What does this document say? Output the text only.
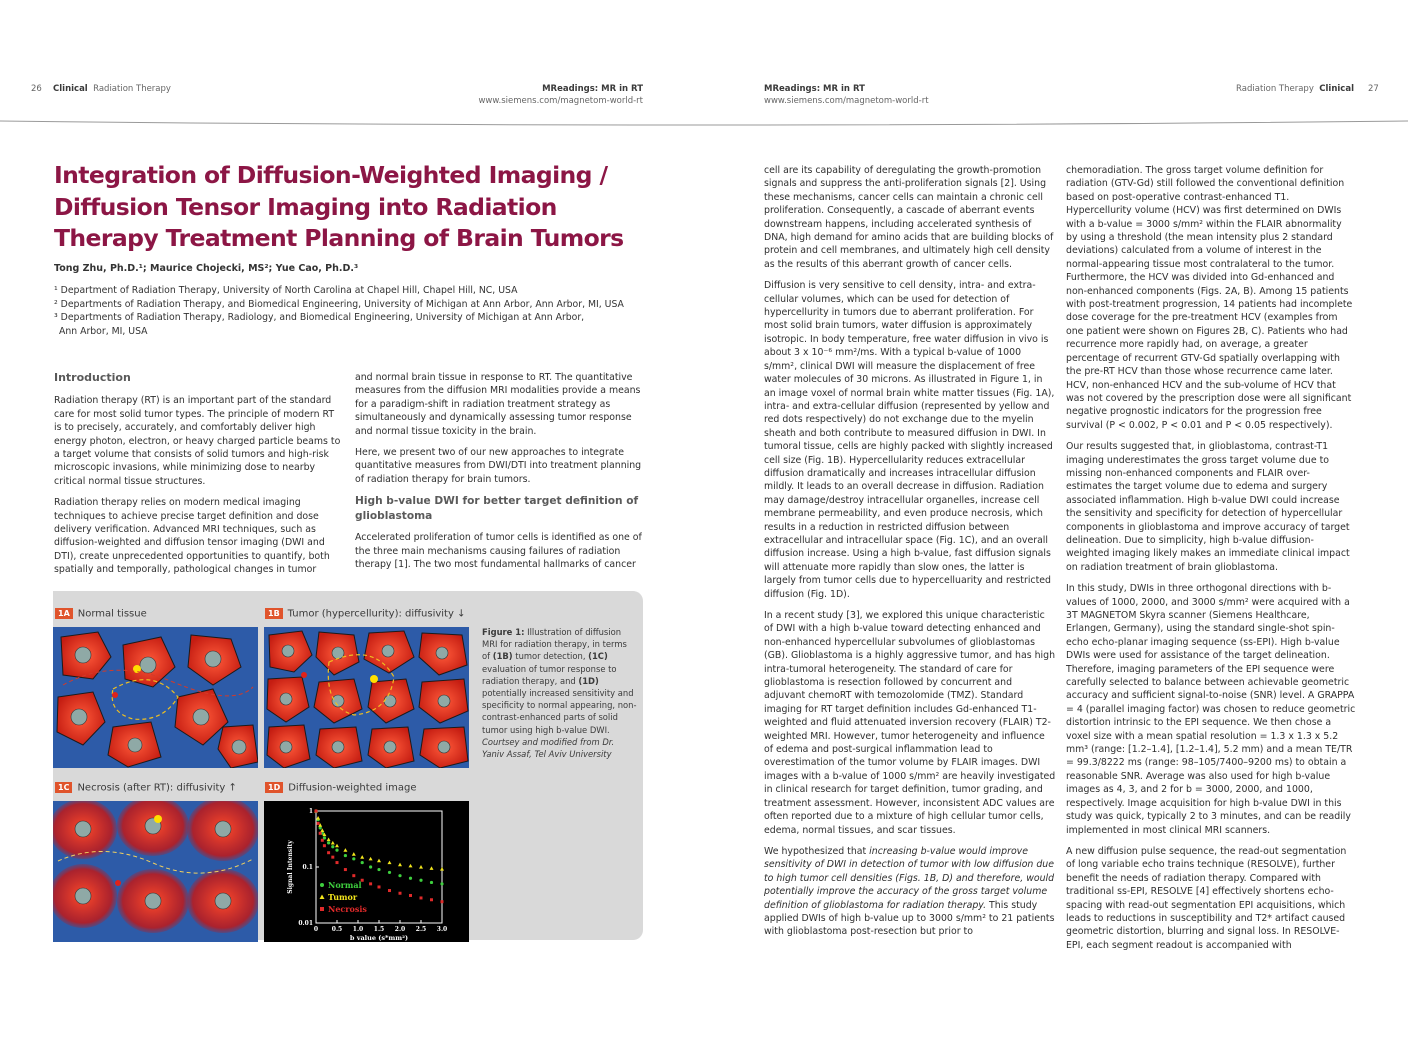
26 Clinical Radiation Therapy	MReadings: MR in RT
www.siemens.com/magnetom-world-rt
MReadings: MR in RT
www.siemens.com/magnetom-world-rt
Radiation Therapy Clinical 27
Integration of Diffusion-Weighted Imaging / Diffusion Tensor Imaging into Radiation Therapy Treatment Planning of Brain Tumors
Tong Zhu, Ph.D.¹; Maurice Chojecki, MS²; Yue Cao, Ph.D.³
¹ Department of Radiation Therapy, University of North Carolina at Chapel Hill, Chapel Hill, NC, USA
² Departments of Radiation Therapy, and Biomedical Engineering, University of Michigan at Ann Arbor, Ann Arbor, MI, USA
³ Departments of Radiation Therapy, Radiology, and Biomedical Engineering, University of Michigan at Ann Arbor,
Ann Arbor, MI, USA
Introduction

Radiation therapy (RT) is an important part of the standard care for most solid tumor types. The principle of modern RT is to precisely, accurately, and comfortably deliver high energy photon, electron, or heavy charged particle beams to a target volume that consists of solid tumors and high-risk microscopic invasions, while minimizing dose to nearby critical normal tissue structures.

Radiation therapy relies on modern medical imaging techniques to achieve precise target definition and dose delivery verification. Advanced MRI techniques, such as diffusion-weighted and diffusion tensor imaging (DWI and DTI), create unprecedented opportunities to quantify, both spatially and temporally, pathological changes in tumor

and normal brain tissue in response to RT. The quantitative measures from the diffusion MRI modalities provide a means for a paradigm-shift in radiation treatment strategy as simultaneously and dynamically assessing tumor response and normal tissue toxicity in the brain.

Here, we present two of our new approaches to integrate quantitative measures from DWI/DTI into treatment planning of radiation therapy for brain tumors.

High b-value DWI for better target definition of glioblastoma

Accelerated proliferation of tumor cells is identified as one of the three main mechanisms causing failures of radiation therapy [1]. The two most fundamental hallmarks of cancer

1A Normal tissue	1B Tumor (hypercellurity): diffusivity ↓
1C Necrosis (after RT): diffusivity ↑	1D Diffusion-weighted image
0 0.5 1.0 1.5 2.0 2.5 3.0
0.01
0.1
1
b value (s*mm²)
Signal Intensity	Normal
Tumor
Necrosis
Figure 1: Illustration of diffusion MRI for radiation therapy, in terms of (1B) tumor detection, (1C) evaluation of tumor response to radiation therapy, and (1D) potentially increased sensitivity and specificity to normal appearing, non-contrast-enhanced parts of solid tumor using high b-value DWI. Courtsey and modified from Dr. Yaniv Assaf, Tel Aviv University

cell are its capability of deregulating the growth-promotion signals and suppress the anti-proliferation signals [2]. Using these mechanisms, cancer cells can maintain a chronic cell proliferation. Consequently, a cascade of aberrant events downstream happens, including accelerated synthesis of DNA, high demand for amino acids that are building blocks of protein and cell membranes, and ultimately high cell density as the results of this aberrant growth of cancer cells.

Diffusion is very sensitive to cell density, intra- and extra-cellular volumes, which can be used for detection of hypercellurity in tumors due to aberrant proliferation. For most solid brain tumors, water diffusion is approximately isotropic. In body temperature, free water diffusion in vivo is about 3 x 10⁻⁶ mm²/ms. With a typical b-value of 1000 s/mm², clinical DWI will measure the displacement of free water molecules of 30 microns. As illustrated in Figure 1, in an image voxel of normal brain white matter tissues (Fig. 1A), intra- and extra-cellular diffusion (represented by yellow and red dots respectively) do not exchange due to the myelin sheath and both contribute to measured diffusion in DWI. In tumoral tissue, cells are highly packed with slightly increased cell size (Fig. 1B). Hypercellularity reduces extracellular diffusion dramatically and increases intracellular diffusion mildly. It leads to an overall decrease in diffusion. Radiation may damage/destroy intracellular organelles, increase cell membrane permeability, and even produce necrosis, which results in a reduction in restricted diffusion between extracellular and intracellular space (Fig. 1C), and an overall diffusion increase. Using a high b-value, fast diffusion signals will attenuate more rapidly than slow ones, the latter is largely from tumor cells due to hypercelluarity and restricted diffusion (Fig. 1D).

In a recent study [3], we explored this unique characteristic of DWI with a high b-value toward detecting enhanced and non-enhanced hypercellular subvolumes of glioblastomas (GB). Glioblastoma is a highly aggressive tumor, and has high intra-tumoral heterogeneity. The standard of care for glioblastoma is resection followed by concurrent and adjuvant chemoRT with temozolomide (TMZ). Standard imaging for RT target definition includes Gd-enhanced T1-weighted and fluid attenuated inversion recovery (FLAIR) T2-weighted MRI. However, tumor heterogeneity and influence of edema and post-surgical inflammation lead to overestimation of the tumor volume by FLAIR images. DWI images with a b-value of 1000 s/mm² are heavily investigated in clinical research for target definition, tumor grading, and treatment assessment. However, inconsistent ADC values are often reported due to a mixture of high cellular tumor cells, edema, normal tissues, and scar tissues.

We hypothesized that increasing b-value would improve sensitivity of DWI in detection of tumor with low diffusion due to high tumor cell densities (Figs. 1B, D) and therefore, would potentially improve the accuracy of the gross target volume definition of glioblastoma for radiation therapy. This study applied DWIs of high b-value up to 3000 s/mm² to 21 patients with glioblastoma post-resection but prior to

chemoradiation. The gross target volume definition for radiation (GTV-Gd) still followed the conventional definition based on post-operative contrast-enhanced T1. Hypercellurity volume (HCV) was first determined on DWIs with a b-value = 3000 s/mm² within the FLAIR abnormality by using a threshold (the mean intensity plus 2 standard deviations) calculated from a volume of interest in the normal-appearing tissue most contralateral to the tumor. Furthermore, the HCV was divided into Gd-enhanced and non-enhanced components (Figs. 2A, B). Among 15 patients with post-treatment progression, 14 patients had incomplete dose coverage for the pre-treatment HCV (examples from one patient were shown on Figures 2B, C). Patients who had recurrence more rapidly had, on average, a greater percentage of recurrent GTV-Gd spatially overlapping with the pre-RT HCV than those whose recurrence came later. HCV, non-enhanced HCV and the sub-volume of HCV that was not covered by the prescription dose were all significant negative prognostic indicators for the progression free survival (P < 0.002, P < 0.01 and P < 0.05 respectively).

Our results suggested that, in glioblastoma, contrast-T1 imaging underestimates the gross target volume due to missing non-enhanced components and FLAIR over-estimates the target volume due to edema and surgery associated inflammation. High b-value DWI could increase the sensitivity and specificity for detection of hypercellular components in glioblastoma and improve accuracy of target delineation. Due to simplicity, high b-value diffusion-weighted imaging likely makes an immediate clinical impact on radiation treatment of brain glioblastoma.

In this study, DWIs in three orthogonal directions with b-values of 1000, 2000, and 3000 s/mm² were acquired with a 3T MAGNETOM Skyra scanner (Siemens Healthcare, Erlangen, Germany), using the standard single-shot spin-echo echo-planar imaging sequence (ss-EPI). High b-value DWIs were used for assistance of the target delineation. Therefore, imaging parameters of the EPI sequence were carefully selected to balance between achievable geometric accuracy and sufficient signal-to-noise (SNR) level. A GRAPPA = 4 (parallel imaging factor) was chosen to reduce geometric distortion intrinsic to the EPI sequence. We then chose a voxel size with a mean spatial resolution = 1.3 x 1.3 x 5.2 mm³ (range: [1.2–1.4], [1.2–1.4], 5.2 mm) and a mean TE/TR = 99.3/8222 ms (range: 98–105/7400–9200 ms) to obtain a reasonable SNR. Average was also used for high b-value images as 4, 3, and 2 for b = 3000, 2000, and 1000, respectively. Image acquisition for high b-value DWI in this study was quick, typically 2 to 3 minutes, and can be readily implemented in most clinical MRI scanners.

A new diffusion pulse sequence, the read-out segmentation of long variable echo trains technique (RESOLVE), further benefit the needs of radiation therapy. Compared with traditional ss-EPI, RESOLVE [4] effectively shortens echo-spacing with read-out segmentation EPI acquisitions, which leads to reductions in susceptibility and T2* artifact caused geometric distortion, blurring and signal loss. In RESOLVE-EPI, each segment readout is accompanied with
